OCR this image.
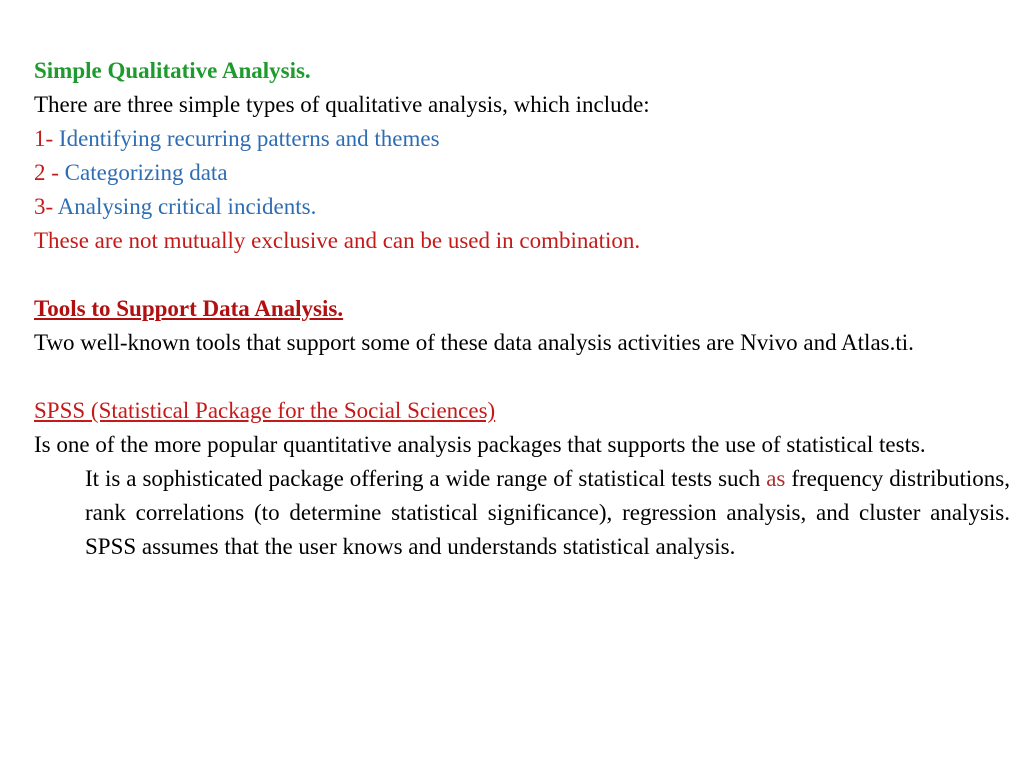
Simple Qualitative Analysis.
There are three simple types of qualitative analysis, which include:
1- Identifying recurring patterns and themes
2 - Categorizing data
3- Analysing critical incidents.
These are not mutually exclusive and can be used in combination.
Tools to Support Data Analysis.
Two well-known tools that support some of these data analysis activities are Nvivo and Atlas.ti.
SPSS (Statistical Package for the Social Sciences)
Is one of the more popular quantitative analysis packages that supports the use of statistical tests.
It is a sophisticated package offering a wide range of statistical tests such as frequency distributions, rank correlations (to determine statistical significance), regression analysis, and cluster analysis. SPSS assumes that the user knows and understands statistical analysis.
